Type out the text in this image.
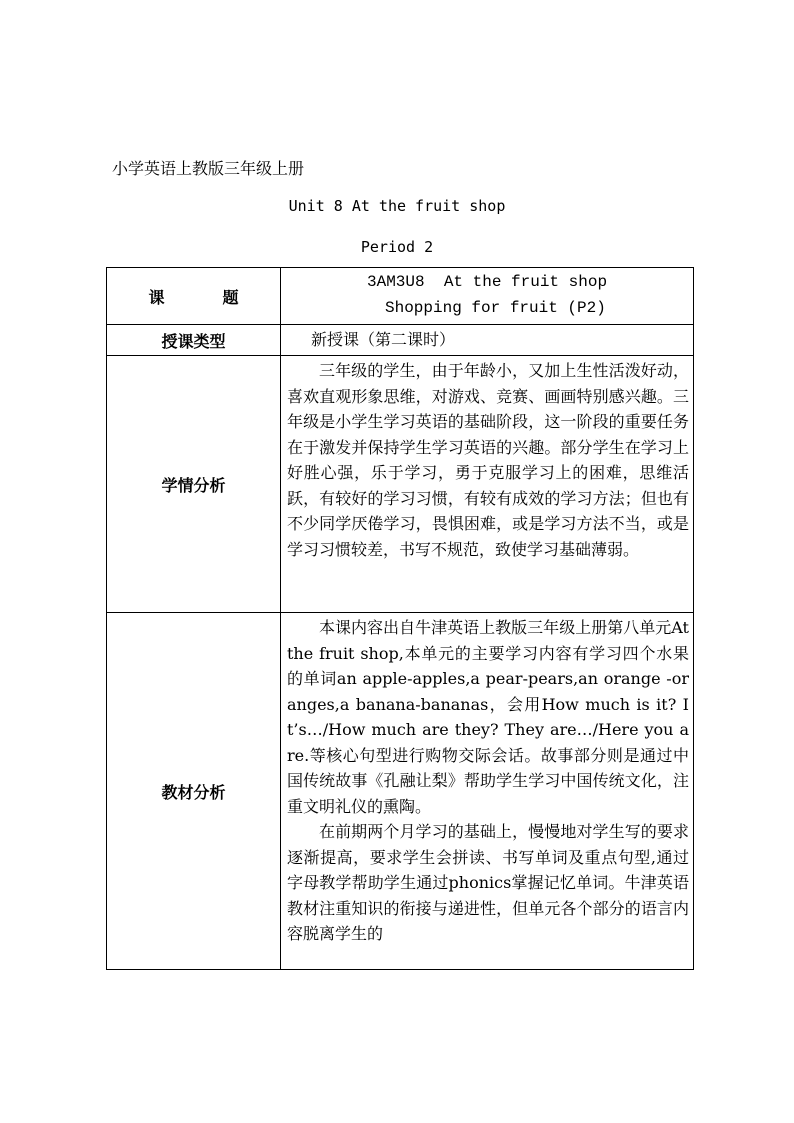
小学英语上教版三年级上册
Unit 8 At the fruit shop
Period 2
课 题	3AM3U8  At the fruit shop
Shopping for fruit (P2)

授课类型	新授课（第二课时）

学情分析	三年级的学生，由于年龄小，又加上生性活泼好动，喜欢直观形象思维，对游戏、竞赛、画画特别感兴趣。三年级是小学生学习英语的基础阶段，这一阶段的重要任务在于激发并保持学生学习英语的兴趣。部分学生在学习上好胜心强，乐于学习，勇于克服学习上的困难，思维活跃，有较好的学习习惯，有较有成效的学习方法；但也有不少同学厌倦学习，畏惧困难，或是学习方法不当，或是学习习惯较差，书写不规范，致使学习基础薄弱。

教材分析	本课内容出自牛津英语上教版三年级上册第八单元At the fruit shop,本单元的主要学习内容有学习四个水果的单词an apple-apples,a pear-pears,an orange -oranges,a banana-bananas，会用How much is it? It’s…/How much are they? They are…/Here you are.等核心句型进行购物交际会话。故事部分则是通过中国传统故事《孔融让梨》帮助学生学习中国传统文化，注重文明礼仪的熏陶。

在前期两个月学习的基础上，慢慢地对学生写的要求逐渐提高，要求学生会拼读、书写单词及重点句型,通过字母教学帮助学生通过phonics掌握记忆单词。牛津英语教材注重知识的衔接与递进性，但单元各个部分的语言内容脱离学生的
